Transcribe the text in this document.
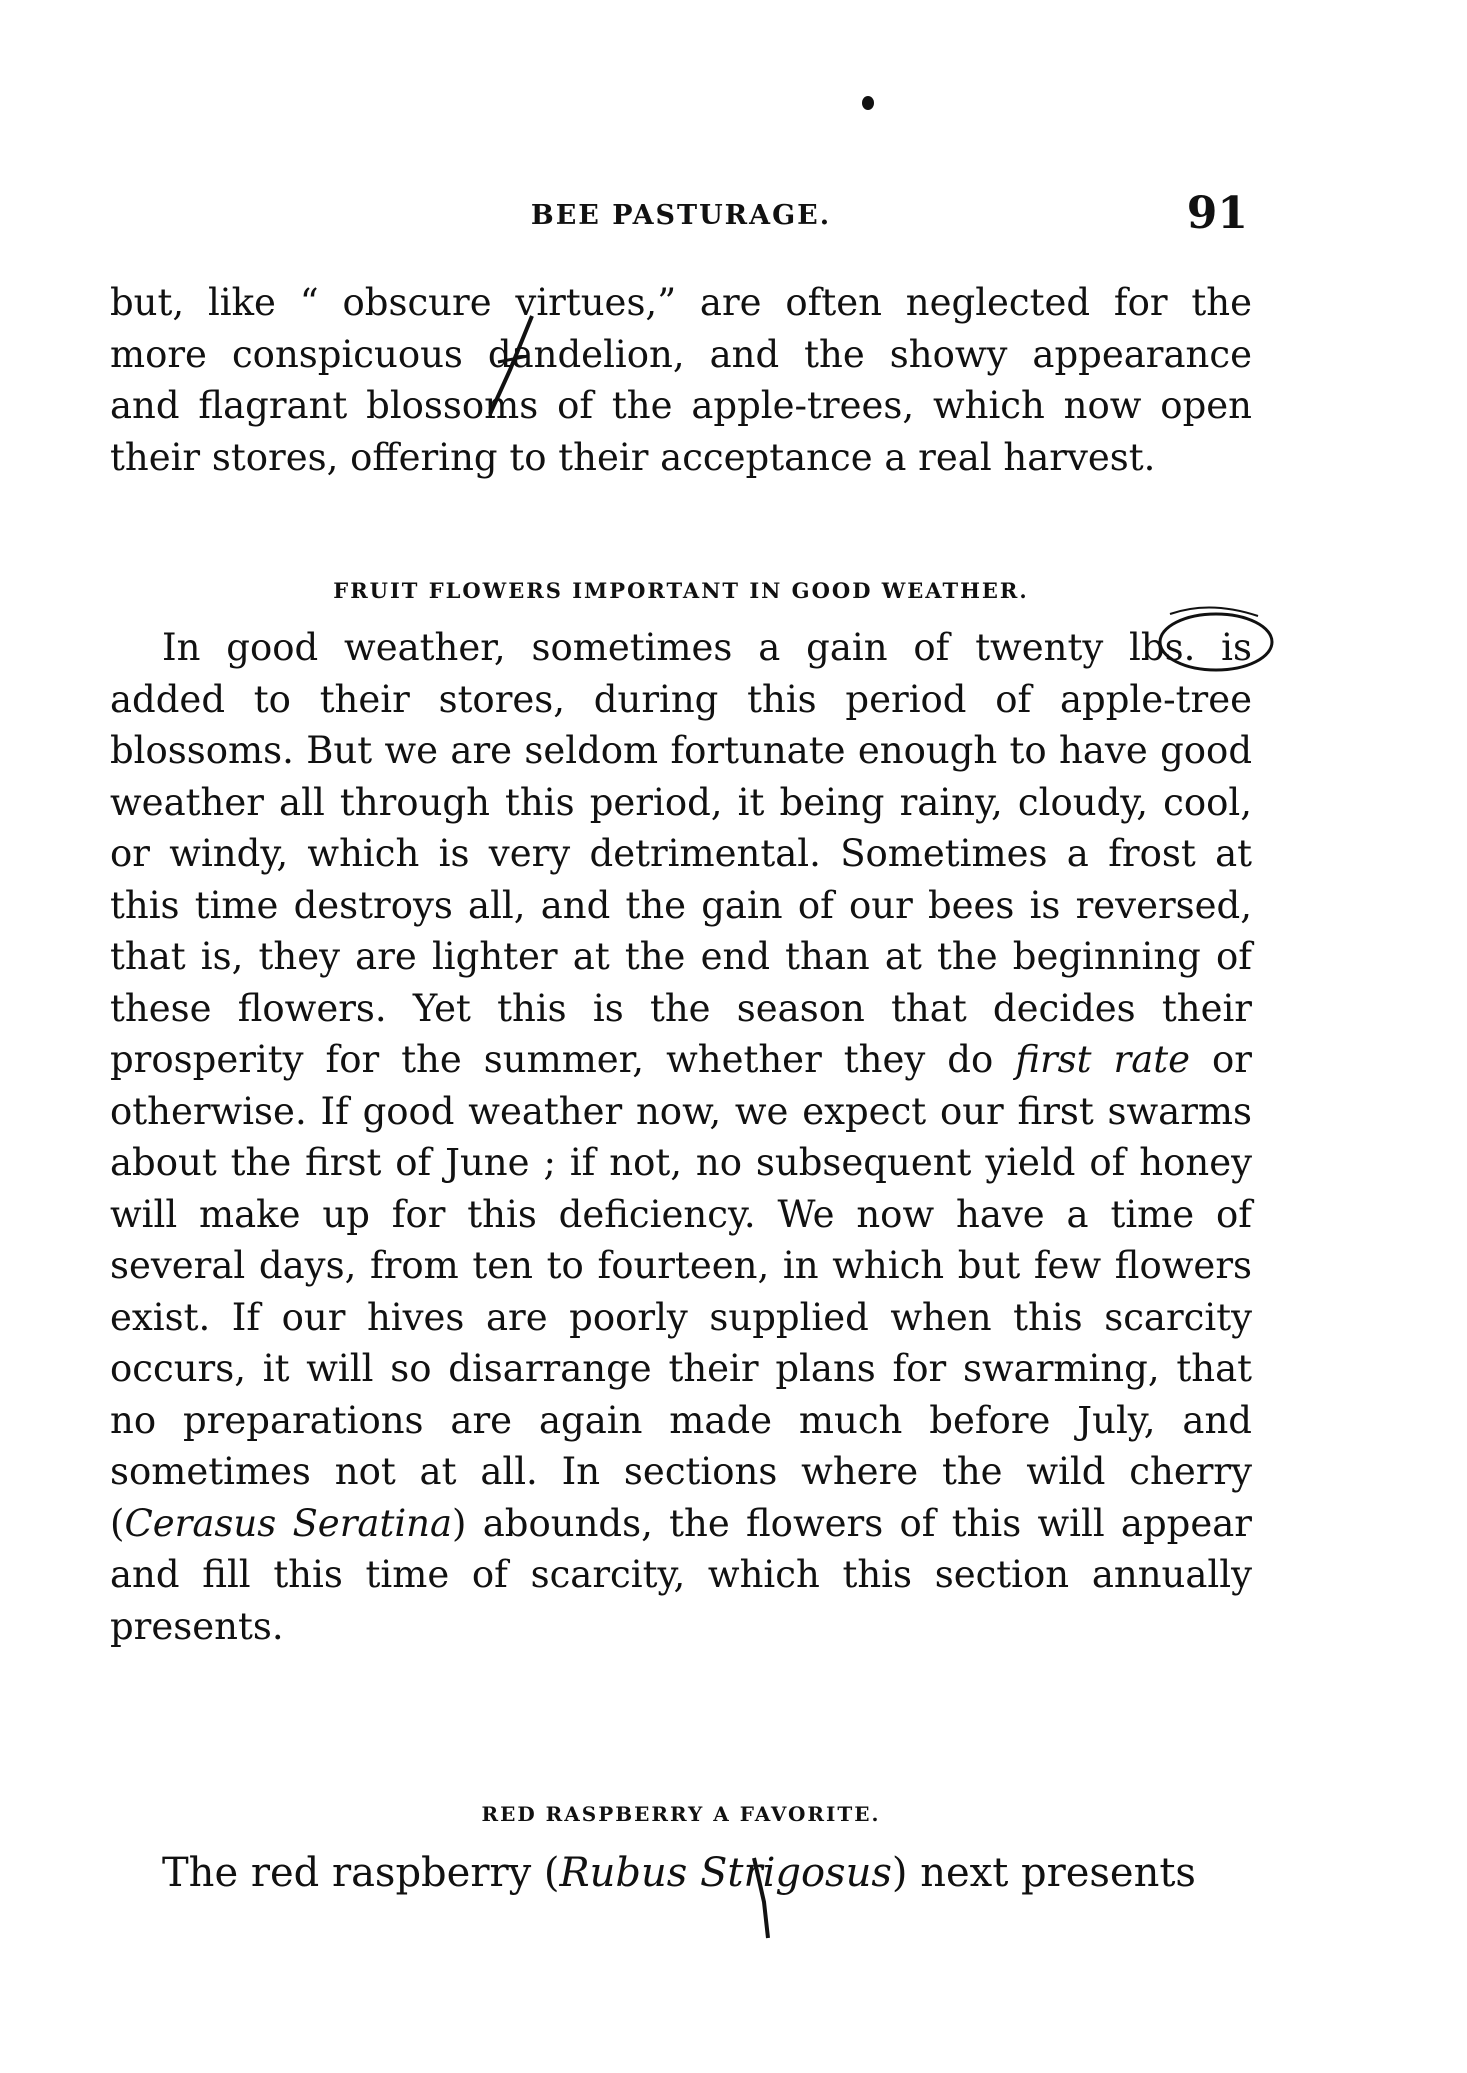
BEE PASTURAGE.	91

but, like “ obscure virtues,” are often neglected for the more conspicuous dandelion, and the showy appearance and flagrant blossoms of the apple-trees, which now open their stores, offering to their acceptance a real harvest.

FRUIT FLOWERS IMPORTANT IN GOOD WEATHER.

In good weather, sometimes a gain of twenty lbs. is added to their stores, during this period of apple-tree blossoms. But we are seldom fortunate enough to have good weather all through this period, it being rainy, cloudy, cool, or windy, which is very detrimental. Sometimes a frost at this time destroys all, and the gain of our bees is reversed, that is, they are lighter at the end than at the beginning of these flowers. Yet this is the season that decides their prosperity for the summer, whether they do first rate or otherwise. If good weather now, we expect our first swarms about the first of June ; if not, no subsequent yield of honey will make up for this deficiency. We now have a time of several days, from ten to fourteen, in which but few flowers exist. If our hives are poorly supplied when this scarcity occurs, it will so disarrange their plans for swarming, that no preparations are again made much before July, and sometimes not at all. In sections where the wild cherry (Cerasus Seratina) abounds, the flowers of this will appear and fill this time of scarcity, which this section annually presents.

RED RASPBERRY A FAVORITE.

The red raspberry (Rubus Strigosus) next presents
